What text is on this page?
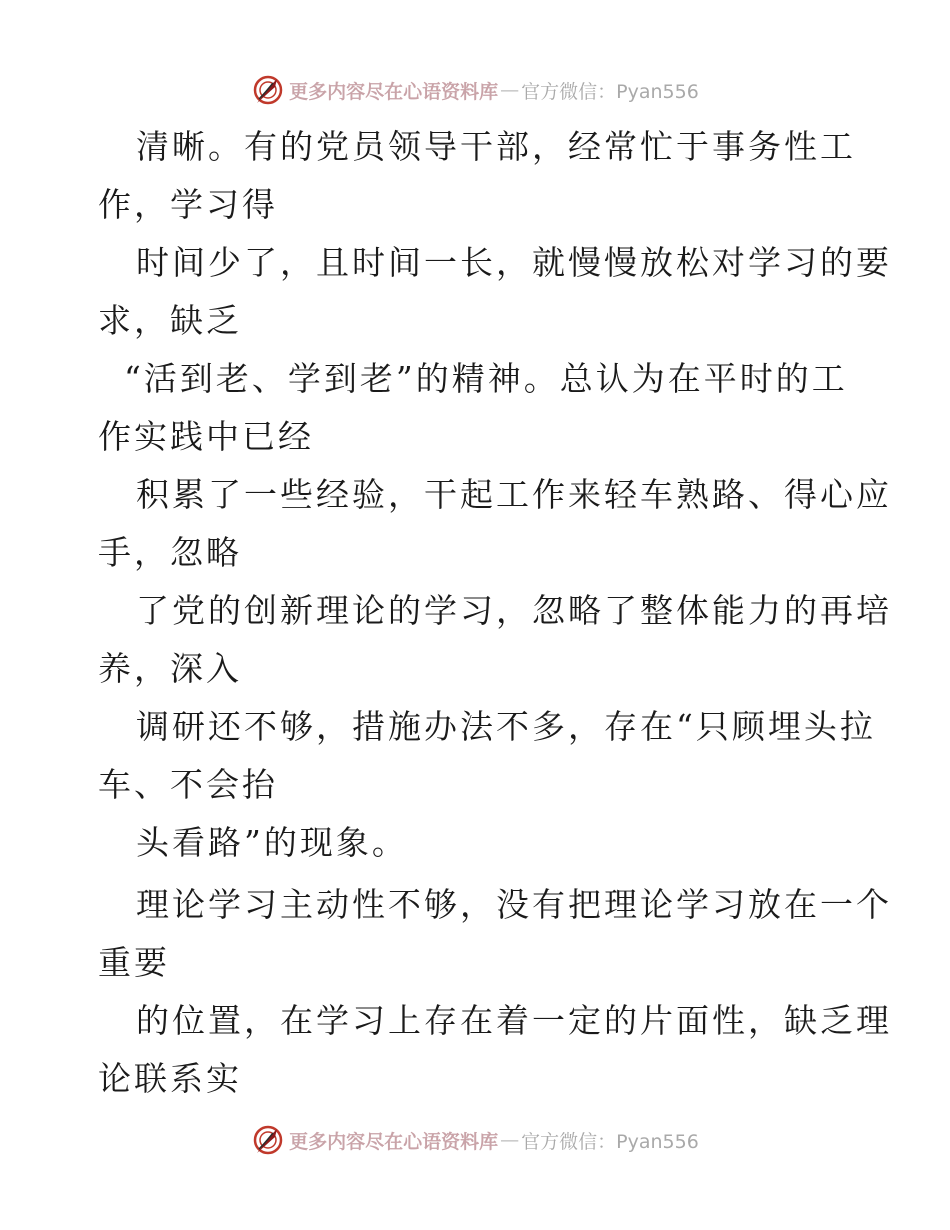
更多内容尽在心语资料库 — 官方微信：Pyan556
清晰。有的党员领导干部，经常忙于事务性工
作，学习得
时间少了，且时间一长，就慢慢放松对学习的要
求，缺乏
“活到老、学到老”的精神。总认为在平时的工
作实践中已经
积累了一些经验，干起工作来轻车熟路、得心应
手，忽略
了党的创新理论的学习，忽略了整体能力的再培
养，深入
调研还不够，措施办法不多，存在“只顾埋头拉
车、不会抬
头看路”的现象。
理论学习主动性不够，没有把理论学习放在一个
重要
的位置，在学习上存在着一定的片面性，缺乏理
论联系实
更多内容尽在心语资料库 — 官方微信：Pyan556
